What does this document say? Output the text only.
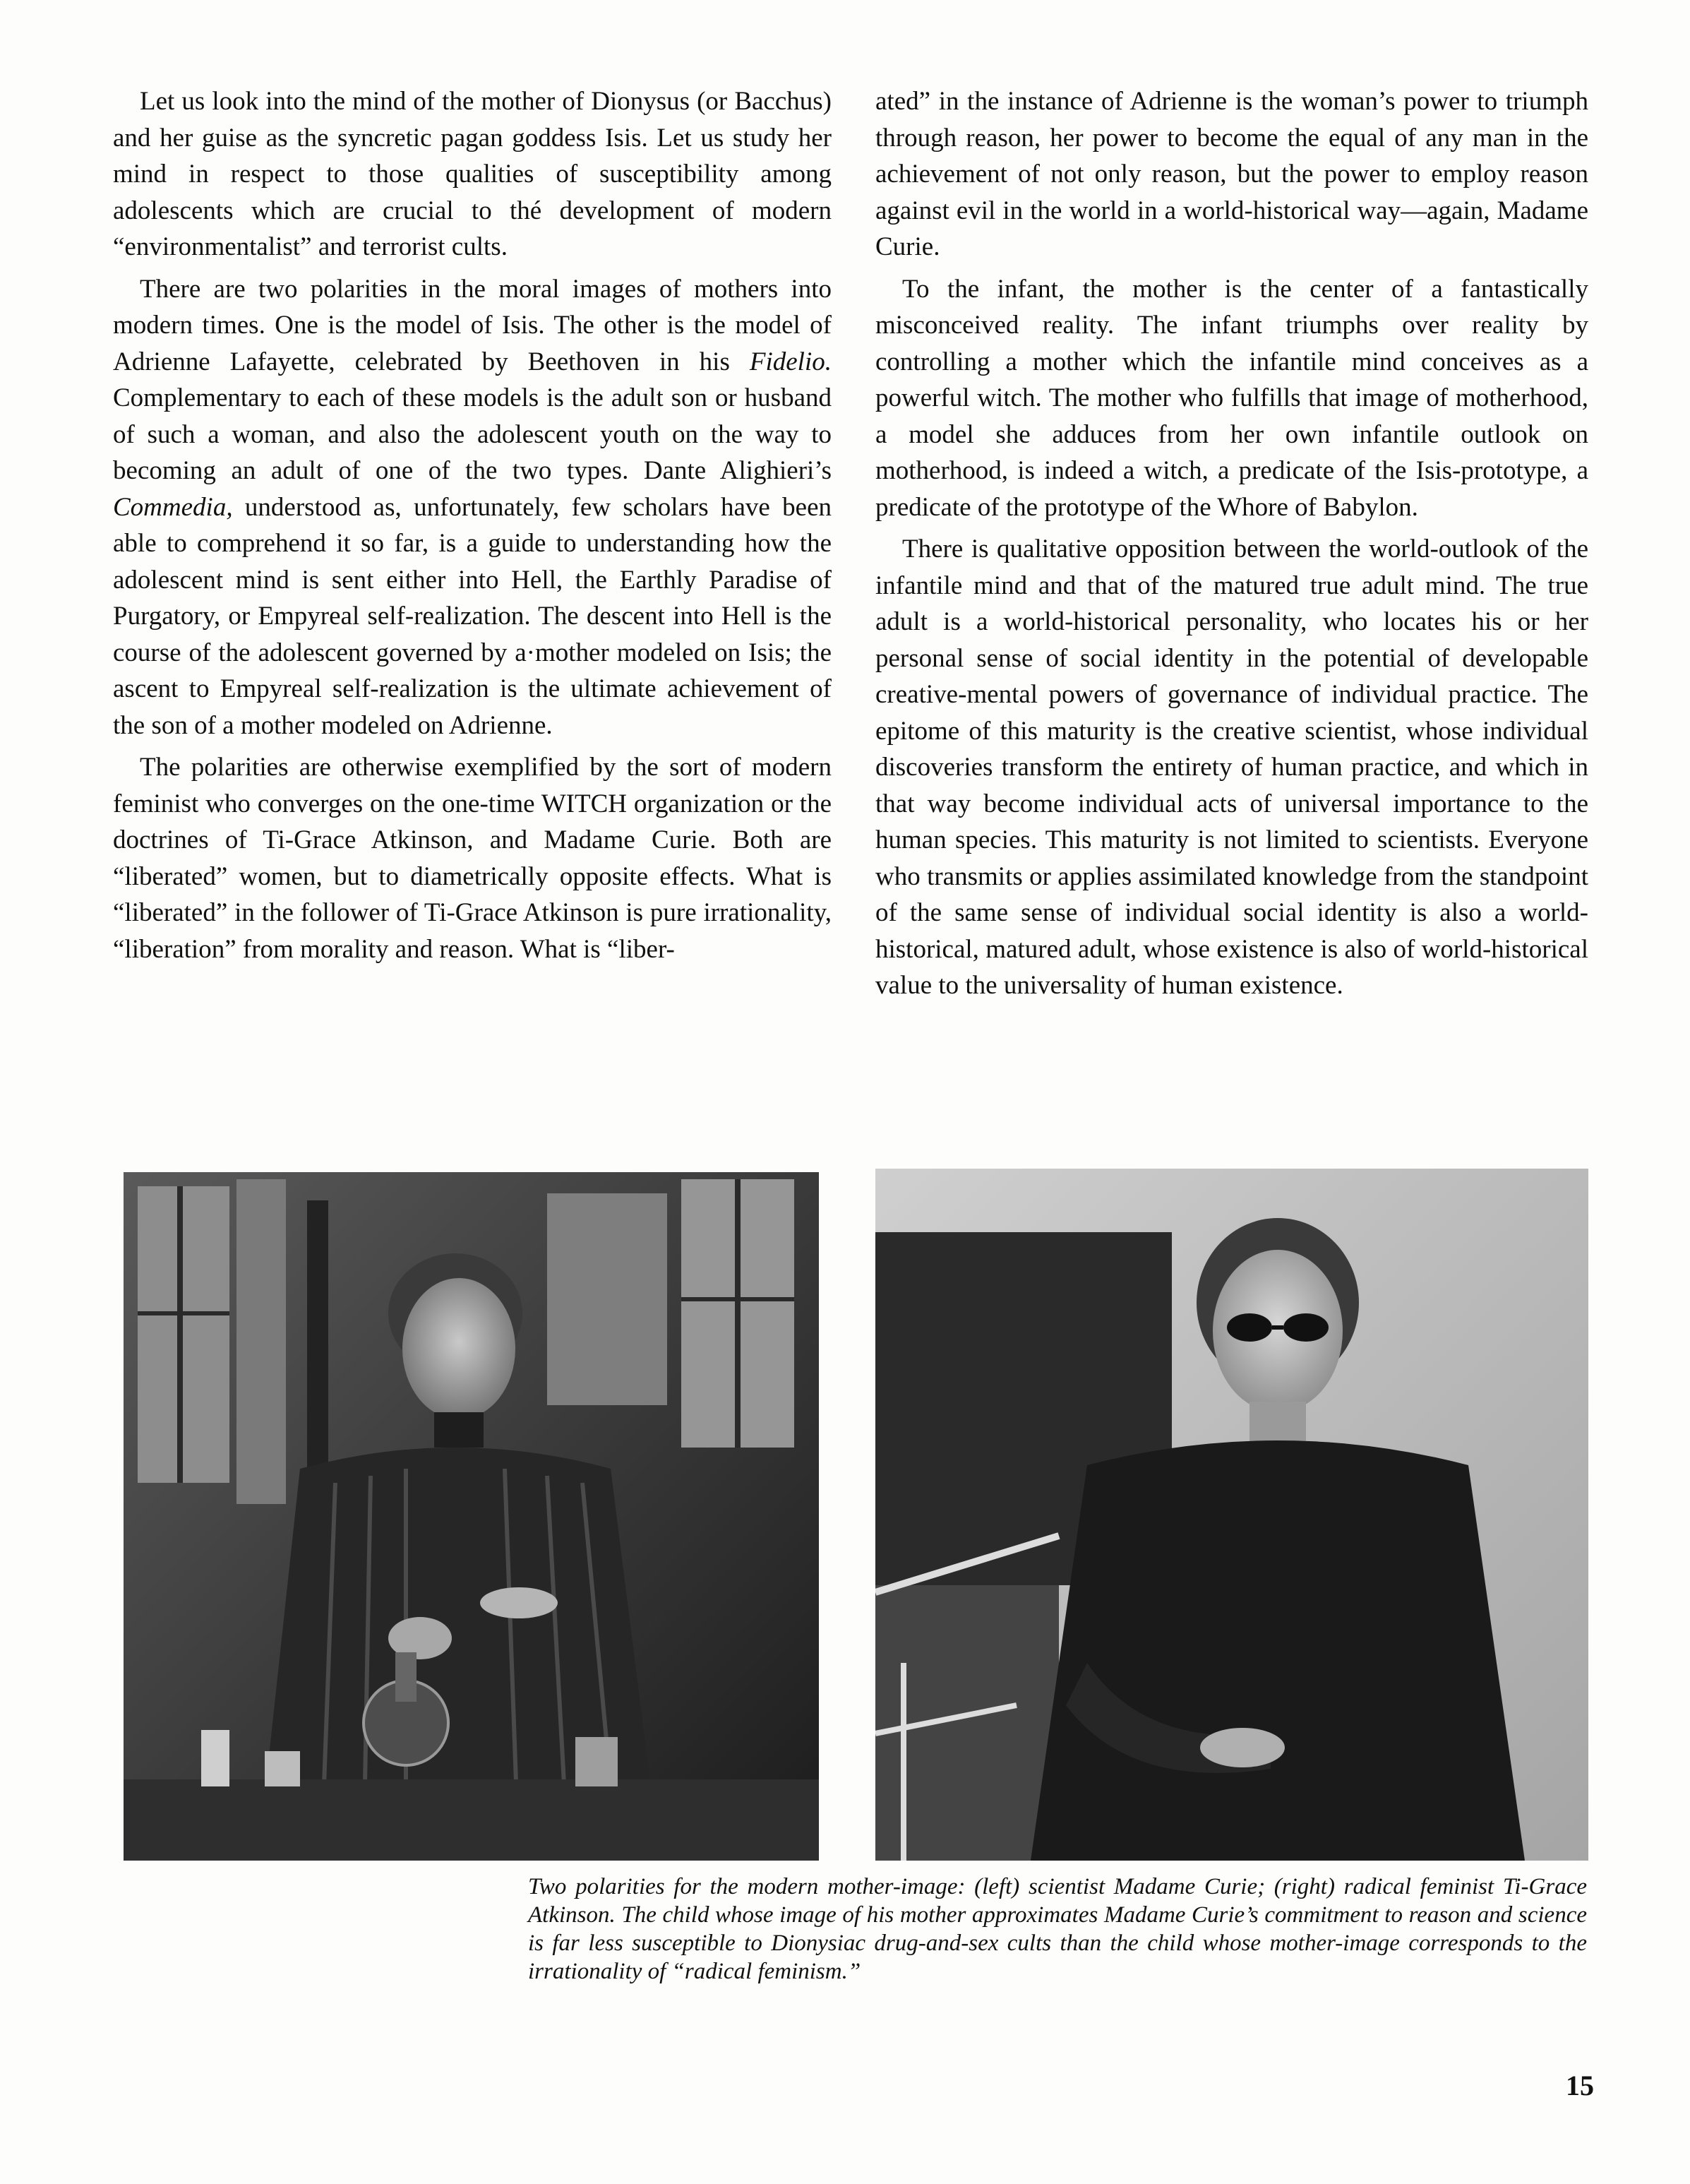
Let us look into the mind of the mother of Dionysus (or Bacchus) and her guise as the syncretic pagan goddess Isis. Let us study her mind in respect to those qualities of susceptibility among adolescents which are crucial to thé development of modern “environmentalist” and terrorist cults.

There are two polarities in the moral images of mothers into modern times. One is the model of Isis. The other is the model of Adrienne Lafayette, celebrated by Beethoven in his Fidelio. Complementary to each of these models is the adult son or husband of such a woman, and also the adolescent youth on the way to becoming an adult of one of the two types. Dante Alighieri’s Commedia, understood as, unfortunately, few scholars have been able to comprehend it so far, is a guide to understanding how the adolescent mind is sent either into Hell, the Earthly Paradise of Purgatory, or Empyreal self-realization. The descent into Hell is the course of the adolescent governed by a·mother modeled on Isis; the ascent to Empyreal self-realization is the ultimate achievement of the son of a mother modeled on Adrienne.

The polarities are otherwise exemplified by the sort of modern feminist who converges on the one-time WITCH organization or the doctrines of Ti-Grace Atkinson, and Madame Curie. Both are “liberated” women, but to diametrically opposite effects. What is “liberated” in the follower of Ti-Grace Atkinson is pure irrationality, “liberation” from morality and reason. What is “liber-

ated” in the instance of Adrienne is the woman’s power to triumph through reason, her power to become the equal of any man in the achievement of not only reason, but the power to employ reason against evil in the world in a world-historical way—again, Madame Curie.

To the infant, the mother is the center of a fantastically misconceived reality. The infant triumphs over reality by controlling a mother which the infantile mind conceives as a powerful witch. The mother who fulfills that image of motherhood, a model she adduces from her own infantile outlook on motherhood, is indeed a witch, a predicate of the Isis-prototype, a predicate of the prototype of the Whore of Babylon.

There is qualitative opposition between the world-outlook of the infantile mind and that of the matured true adult mind. The true adult is a world-historical personality, who locates his or her personal sense of social identity in the potential of developable creative-mental powers of governance of individual practice. The epitome of this maturity is the creative scientist, whose individual discoveries transform the entirety of human practice, and which in that way become individual acts of universal importance to the human species. This maturity is not limited to scientists. Everyone who transmits or applies assimilated knowledge from the standpoint of the same sense of individual social identity is also a world-historical, matured adult, whose existence is also of world-historical value to the universality of human existence.

Two polarities for the modern mother-image: (left) scientist Madame Curie; (right) radical feminist Ti-Grace Atkinson. The child whose image of his mother approximates Madame Curie’s commitment to reason and science is far less susceptible to Dionysiac drug-and-sex cults than the child whose mother-image corresponds to the irrationality of “radical feminism.”
15
